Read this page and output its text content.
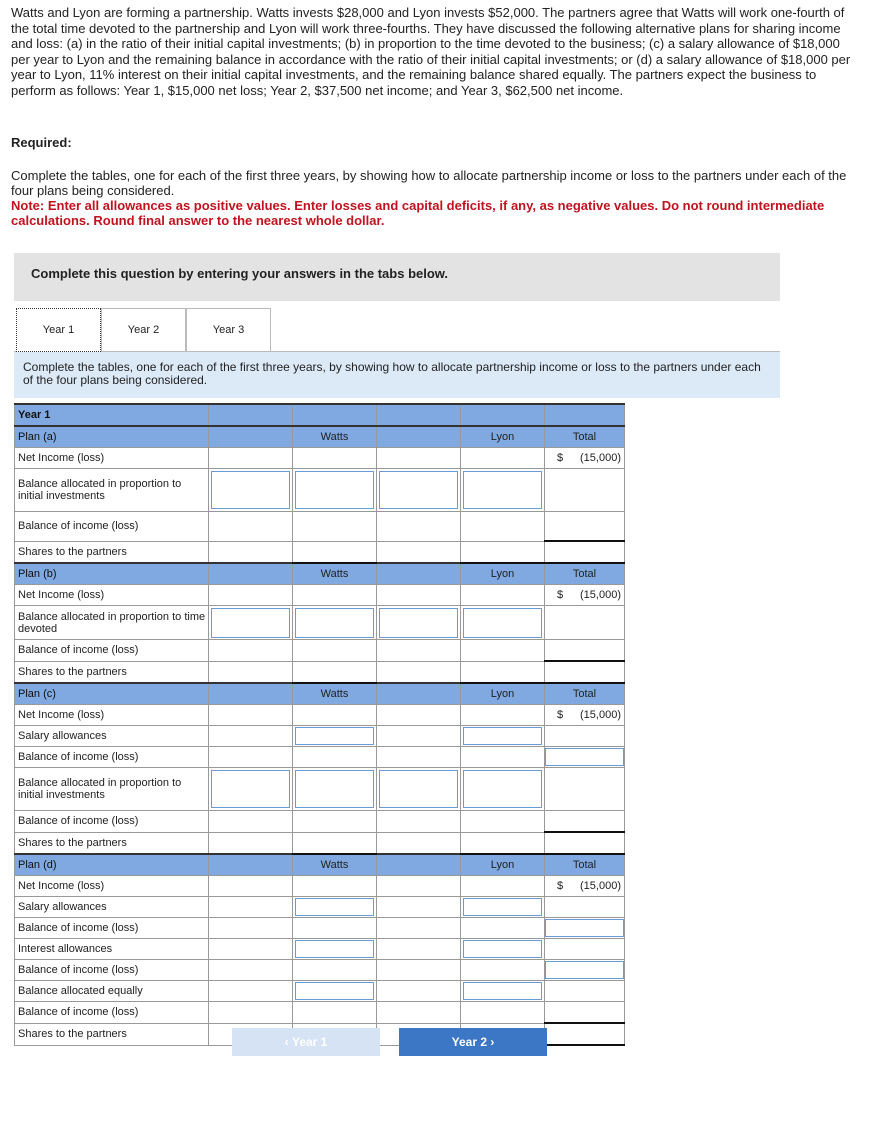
Watts and Lyon are forming a partnership. Watts invests $28,000 and Lyon invests $52,000. The partners agree that Watts will work one-fourth of the total time devoted to the partnership and Lyon will work three-fourths. They have discussed the following alternative plans for sharing income and loss: (a) in the ratio of their initial capital investments; (b) in proportion to the time devoted to the business; (c) a salary allowance of $18,000 per year to Lyon and the remaining balance in accordance with the ratio of their initial capital investments; or (d) a salary allowance of $18,000 per year to Lyon, 11% interest on their initial capital investments, and the remaining balance shared equally. The partners expect the business to perform as follows: Year 1, $15,000 net loss; Year 2, $37,500 net income; and Year 3, $62,500 net income.
Required:
Complete the tables, one for each of the first three years, by showing how to allocate partnership income or loss to the partners under each of the four plans being considered.
Note: Enter all allowances as positive values. Enter losses and capital deficits, if any, as negative values. Do not round intermediate calculations. Round final answer to the nearest whole dollar.
Complete this question by entering your answers in the tabs below.
Year 1	Year 2	Year 3
Complete the tables, one for each of the first three years, by showing how to allocate partnership income or loss to the partners under each of the four plans being considered.
Year 1					
Plan (a)		Watts		Lyon	Total
Net Income (loss)					$ (15,000)
Balance allocated in proportion to initial investments	

Balance of income (loss)					
Shares to the partners					
Plan (b)		Watts		Lyon	Total
Net Income (loss)					$ (15,000)
Balance allocated in proportion to time devoted	

Balance of income (loss)					
Shares to the partners					
Plan (c)		Watts		Lyon	Total
Net Income (loss)					$ (15,000)
Salary allowances		

Balance of income (loss)					

Balance allocated in proportion to initial investments	

Balance of income (loss)					
Shares to the partners					
Plan (d)		Watts		Lyon	Total
Net Income (loss)					$ (15,000)
Salary allowances		

Balance of income (loss)					

Interest allowances		

Balance of income (loss)					

Balance allocated equally		

Balance of income (loss)					
Shares to the partners					
‹ Year 1	Year 2 ›
